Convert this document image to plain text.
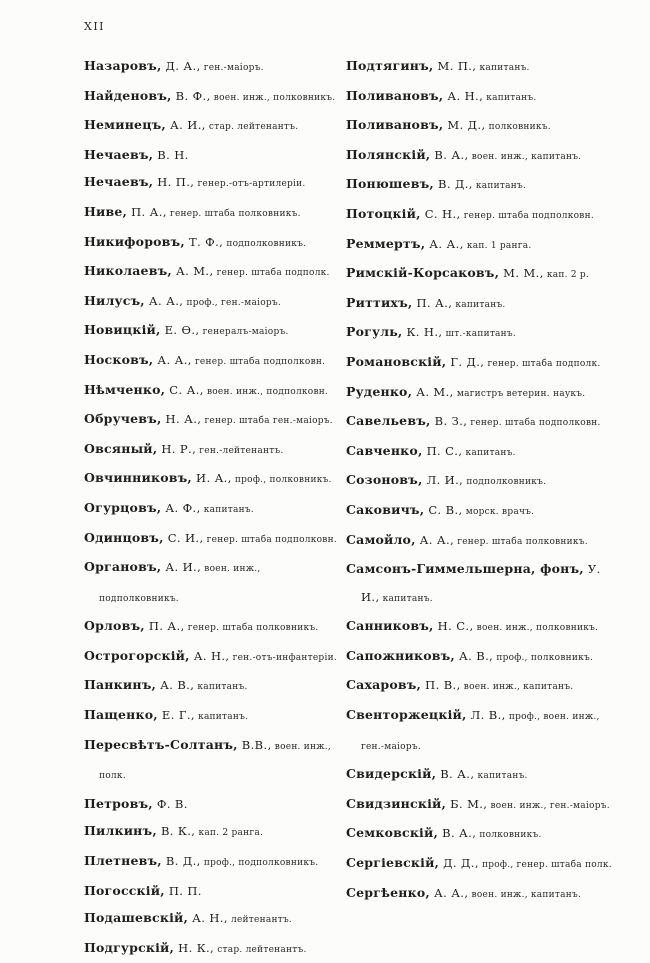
XII
Назаровъ, Д. А., ген.-маіоръ.
Найденовъ, В. Ф., воен. инж., полковникъ.
Неминецъ, А. И., стар. лейтенантъ.
Нечаевъ, В. Н.
Нечаевъ, Н. П., генер.-отъ-артилеріи.
Ниве, П. А., генер. штаба полковникъ.
Никифоровъ, Т. Ф., подполковникъ.
Николаевъ, А. М., генер. штаба подполк.
Нилусъ, А. А., проф., ген.-маіоръ.
Новицкій, Е. Ѳ., генералъ-маіоръ.
Носковъ, А. А., генер. штаба подполковн.
Нѣмченко, С. А., воен. инж., подполковн.
Обручевъ, Н. А., генер. штаба ген.-маіоръ.
Овсяный, Н. Р., ген.-лейтенантъ.
Овчинниковъ, И. А., проф., полковникъ.
Огурцовъ, А. Ф., капитанъ.
Одинцовъ, С. И., генер. штаба подполковн.
Органовъ, А. И., воен. инж., подполковникъ.
Орловъ, П. А., генер. штаба полковникъ.
Острогорскій, А. Н., ген.-отъ-инфантеріи.
Панкинъ, А. В., капитанъ.
Пащенко, Е. Г., капитанъ.
Пересвѣтъ-Солтанъ, В.В., воен. инж., полк.
Петровъ, Ф. В.
Пилкинъ, В. К., кап. 2 ранга.
Плетневъ, В. Д., проф., подполковникъ.
Погосскій, П. П.
Подашевскій, А. Н., лейтенантъ.
Подгурскій, Н. К., стар. лейтенантъ.
Подтягинъ, М. П., капитанъ.
Поливановъ, А. Н., капитанъ.
Поливановъ, М. Д., полковникъ.
Полянскій, В. А., воен. инж., капитанъ.
Понюшевъ, В. Д., капитанъ.
Потоцкій, С. Н., генер. штаба подполковн.
Реммертъ, А. А., кап. 1 ранга.
Римскій-Корсаковъ, М. М., кап. 2 р.
Риттихъ, П. А., капитанъ.
Рогуль, К. Н., шт.-капитанъ.
Романовскій, Г. Д., генер. штаба подполк.
Руденко, А. М., магистръ ветерин. наукъ.
Савельевъ, В. З., генер. штаба подполковн.
Савченко, П. С., капитанъ.
Созоновъ, Л. И., подполковникъ.
Саковичъ, С. В., морск. врачъ.
Самойло, А. А., генер. штаба полковникъ.
Самсонъ-Гиммельшерна, фонъ, У. И., капитанъ.
Санниковъ, Н. С., воен. инж., полковникъ.
Сапожниковъ, А. В., проф., полковникъ.
Сахаровъ, П. В., воен. инж., капитанъ.
Свенторжецкій, Л. В., проф., воен. инж., ген.-маіоръ.
Свидерскій, В. А., капитанъ.
Свидзинскій, Б. М., воен. инж., ген.-маіоръ.
Семковскій, В. А., полковникъ.
Сергіевскій, Д. Д., проф., генер. штаба полк.
Сергѣенко, А. А., воен. инж., капитанъ.
